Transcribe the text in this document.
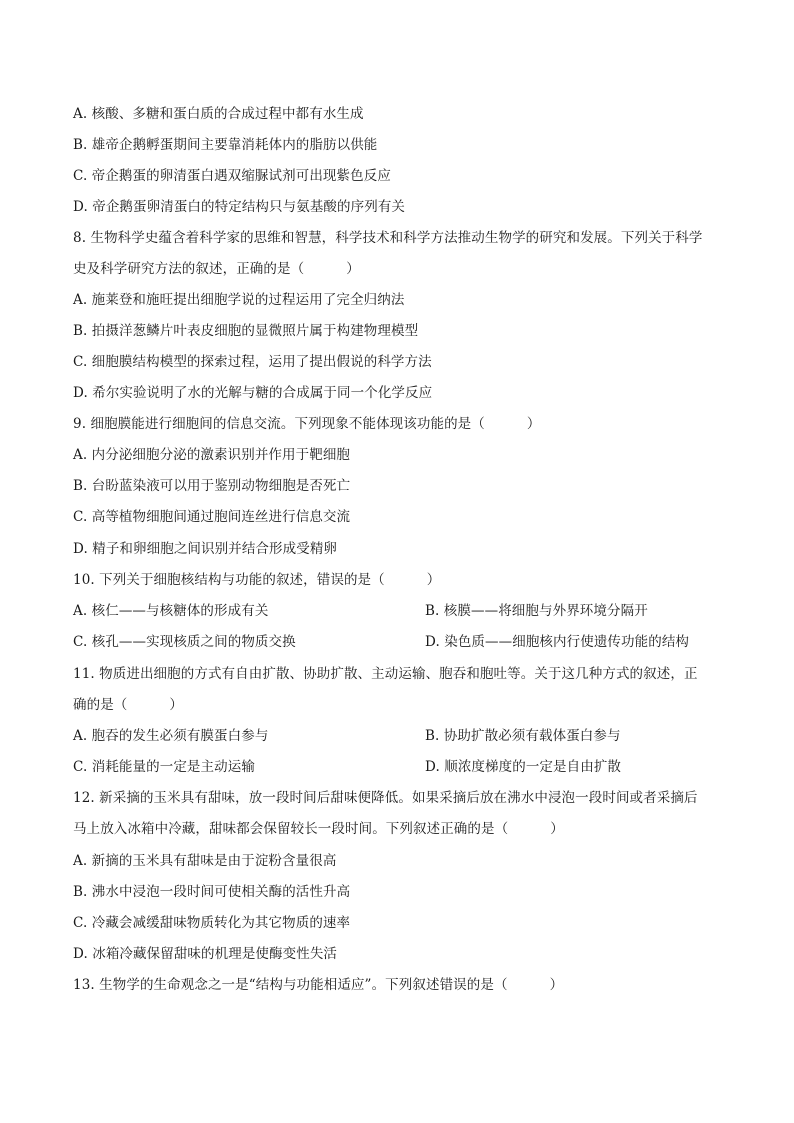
A. 核酸、多糖和蛋白质的合成过程中都有水生成
B. 雄帝企鹅孵蛋期间主要靠消耗体内的脂肪以供能
C. 帝企鹅蛋的卵清蛋白遇双缩脲试剂可出现紫色反应
D. 帝企鹅蛋卵清蛋白的特定结构只与氨基酸的序列有关
8. 生物科学史蕴含着科学家的思维和智慧，科学技术和科学方法推动生物学的研究和发展。下列关于科学
史及科学研究方法的叙述，正确的是（	）
A. 施莱登和施旺提出细胞学说的过程运用了完全归纳法
B. 拍摄洋葱鳞片叶表皮细胞的显微照片属于构建物理模型
C. 细胞膜结构模型的探索过程，运用了提出假说的科学方法
D. 希尔实验说明了水的光解与糖的合成属于同一个化学反应
9. 细胞膜能进行细胞间的信息交流。下列现象不能体现该功能的是（	）
A. 内分泌细胞分泌的激素识别并作用于靶细胞
B. 台盼蓝染液可以用于鉴别动物细胞是否死亡
C. 高等植物细胞间通过胞间连丝进行信息交流
D. 精子和卵细胞之间识别并结合形成受精卵
10. 下列关于细胞核结构与功能的叙述，错误的是（	）
A. 核仁——与核糖体的形成有关	B. 核膜——将细胞与外界环境分隔开
C. 核孔——实现核质之间的物质交换	D. 染色质——细胞核内行使遗传功能的结构
11. 物质进出细胞的方式有自由扩散、协助扩散、主动运输、胞吞和胞吐等。关于这几种方式的叙述，正
确的是（	）
A. 胞吞的发生必须有膜蛋白参与	B. 协助扩散必须有载体蛋白参与
C. 消耗能量的一定是主动运输	D. 顺浓度梯度的一定是自由扩散
12. 新采摘的玉米具有甜味，放一段时间后甜味便降低。如果采摘后放在沸水中浸泡一段时间或者采摘后
马上放入冰箱中冷藏，甜味都会保留较长一段时间。下列叙述正确的是（	）
A. 新摘的玉米具有甜味是由于淀粉含量很高
B. 沸水中浸泡一段时间可使相关酶的活性升高
C. 冷藏会减缓甜味物质转化为其它物质的速率
D. 冰箱冷藏保留甜味的机理是使酶变性失活
13. 生物学的生命观念之一是“结构与功能相适应”。下列叙述错误的是（	）
